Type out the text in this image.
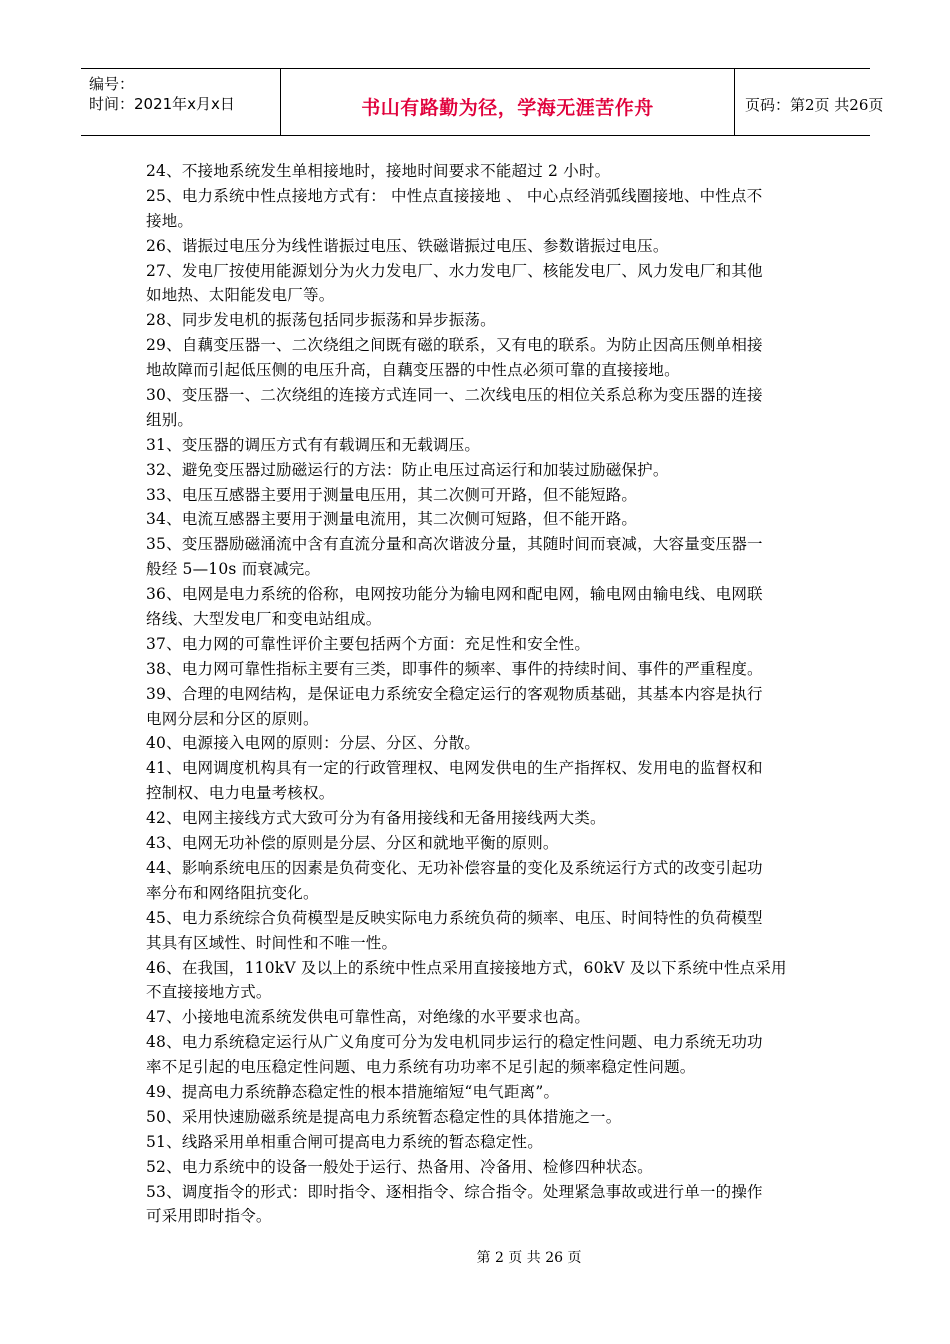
编号：
时间：2021年x月x日	书山有路勤为径，学海无涯苦作舟	页码：第2页 共26页
24、不接地系统发生单相接地时，接地时间要求不能超过 2 小时。
25、电力系统中性点接地方式有： 中性点直接接地 、 中心点经消弧线圈接地、中性点不
接地。
26、谐振过电压分为线性谐振过电压、铁磁谐振过电压、参数谐振过电压。
27、发电厂按使用能源划分为火力发电厂、水力发电厂、核能发电厂、风力发电厂和其他
如地热、太阳能发电厂等。
28、同步发电机的振荡包括同步振荡和异步振荡。
29、自藕变压器一、二次绕组之间既有磁的联系，又有电的联系。为防止因高压侧单相接
地故障而引起低压侧的电压升高，自藕变压器的中性点必须可靠的直接接地。
30、变压器一、二次绕组的连接方式连同一、二次线电压的相位关系总称为变压器的连接
组别。
31、变压器的调压方式有有载调压和无载调压。
32、避免变压器过励磁运行的方法：防止电压过高运行和加装过励磁保护。
33、电压互感器主要用于测量电压用，其二次侧可开路，但不能短路。
34、电流互感器主要用于测量电流用，其二次侧可短路，但不能开路。
35、变压器励磁涌流中含有直流分量和高次谐波分量，其随时间而衰减，大容量变压器一
般经 5—10s 而衰减完。
36、电网是电力系统的俗称，电网按功能分为输电网和配电网，输电网由输电线、电网联
络线、大型发电厂和变电站组成。
37、电力网的可靠性评价主要包括两个方面：充足性和安全性。
38、电力网可靠性指标主要有三类，即事件的频率、事件的持续时间、事件的严重程度。
39、合理的电网结构，是保证电力系统安全稳定运行的客观物质基础，其基本内容是执行
电网分层和分区的原则。
40、电源接入电网的原则：分层、分区、分散。
41、电网调度机构具有一定的行政管理权、电网发供电的生产指挥权、发用电的监督权和
控制权、电力电量考核权。
42、电网主接线方式大致可分为有备用接线和无备用接线两大类。
43、电网无功补偿的原则是分层、分区和就地平衡的原则。
44、影响系统电压的因素是负荷变化、无功补偿容量的变化及系统运行方式的改变引起功
率分布和网络阻抗变化。
45、电力系统综合负荷模型是反映实际电力系统负荷的频率、电压、时间特性的负荷模型
其具有区域性、时间性和不唯一性。
46、在我国，110kV 及以上的系统中性点采用直接接地方式，60kV 及以下系统中性点采用
不直接接地方式。
47、小接地电流系统发供电可靠性高，对绝缘的水平要求也高。
48、电力系统稳定运行从广义角度可分为发电机同步运行的稳定性问题、电力系统无功功
率不足引起的电压稳定性问题、电力系统有功功率不足引起的频率稳定性问题。
49、提高电力系统静态稳定性的根本措施缩短“电气距离”。
50、采用快速励磁系统是提高电力系统暂态稳定性的具体措施之一。
51、线路采用单相重合闸可提高电力系统的暂态稳定性。
52、电力系统中的设备一般处于运行、热备用、冷备用、检修四种状态。
53、调度指令的形式：即时指令、逐相指令、综合指令。处理紧急事故或进行单一的操作
可采用即时指令。
第 2 页 共 26 页
